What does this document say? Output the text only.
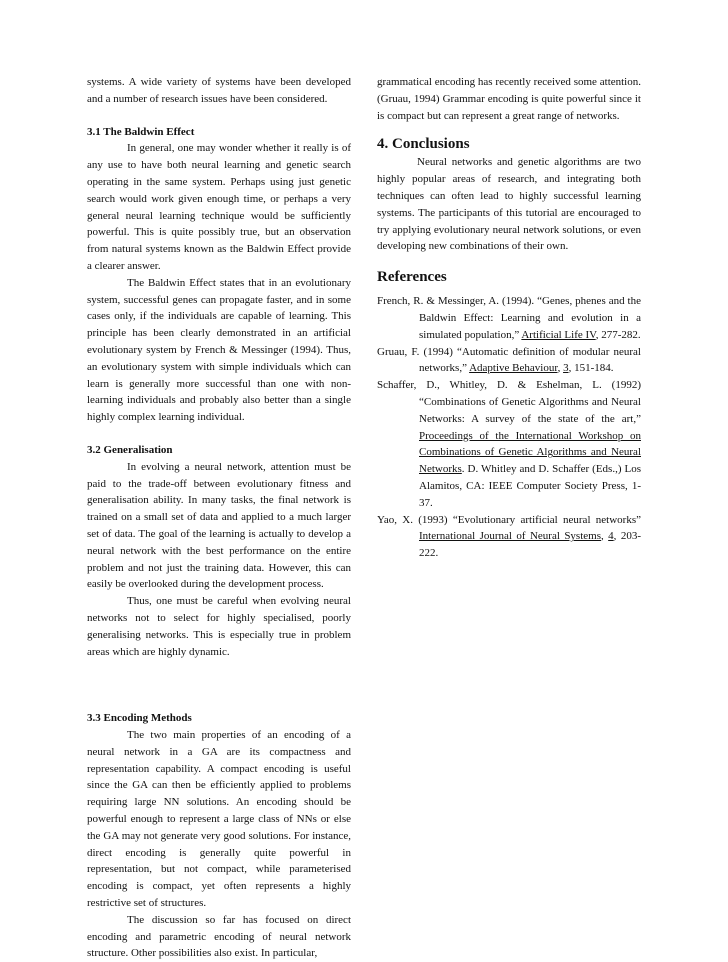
systems. A wide variety of systems have been developed and a number of research issues have been considered.

3.1 The Baldwin Effect

In general, one may wonder whether it really is of any use to have both neural learning and genetic search operating in the same system. Perhaps using just genetic search would work given enough time, or perhaps a very general neural learning technique would be sufficiently powerful. This is quite possibly true, but an observation from natural systems known as the Baldwin Effect provide a clearer answer.

The Baldwin Effect states that in an evolutionary system, successful genes can propagate faster, and in some cases only, if the individuals are capable of learning. This principle has been clearly demonstrated in an artificial evolutionary system by French & Messinger (1994). Thus, an evolutionary system with simple individuals which can learn is generally more successful than one with non-learning individuals and probably also better than a single highly complex learning individual.

3.2 Generalisation

In evolving a neural network, attention must be paid to the trade-off between evolutionary fitness and generalisation ability. In many tasks, the final network is trained on a small set of data and applied to a much larger set of data. The goal of the learning is actually to develop a neural network with the best performance on the entire problem and not just the training data. However, this can easily be overlooked during the development process.

Thus, one must be careful when evolving neural networks not to select for highly specialised, poorly generalising networks. This is especially true in problem areas which are highly dynamic.

3.3 Encoding Methods

The two main properties of an encoding of a neural network in a GA are its compactness and representation capability. A compact encoding is useful since the GA can then be efficiently applied to problems requiring large NN solutions. An encoding should be powerful enough to represent a large class of NNs or else the GA may not generate very good solutions. For instance, direct encoding is generally quite powerful in representation, but not compact, while parameterised encoding is compact, yet often represents a highly restrictive set of structures.

The discussion so far has focused on direct encoding and parametric encoding of neural network structure. Other possibilities also exist. In particular,

grammatical encoding has recently received some attention. (Gruau, 1994) Grammar encoding is quite powerful since it is compact but can represent a great range of networks.

4. Conclusions

Neural networks and genetic algorithms are two highly popular areas of research, and integrating both techniques can often lead to highly successful learning systems. The participants of this tutorial are encouraged to try applying evolutionary neural network solutions, or even developing new combinations of their own.

References

French, R. & Messinger, A. (1994). “Genes, phenes and the Baldwin Effect: Learning and evolution in a simulated population,” Artificial Life IV, 277-282.

Gruau, F. (1994) “Automatic definition of modular neural networks,” Adaptive Behaviour, 3, 151-184.

Schaffer, D., Whitley, D. & Eshelman, L. (1992) “Combinations of Genetic Algorithms and Neural Networks: A survey of the state of the art,” Proceedings of the International Workshop on Combinations of Genetic Algorithms and Neural Networks. D. Whitley and D. Schaffer (Eds.,) Los Alamitos, CA: IEEE Computer Society Press, 1-37.

Yao, X. (1993) “Evolutionary artificial neural networks” International Journal of Neural Systems, 4, 203-222.
